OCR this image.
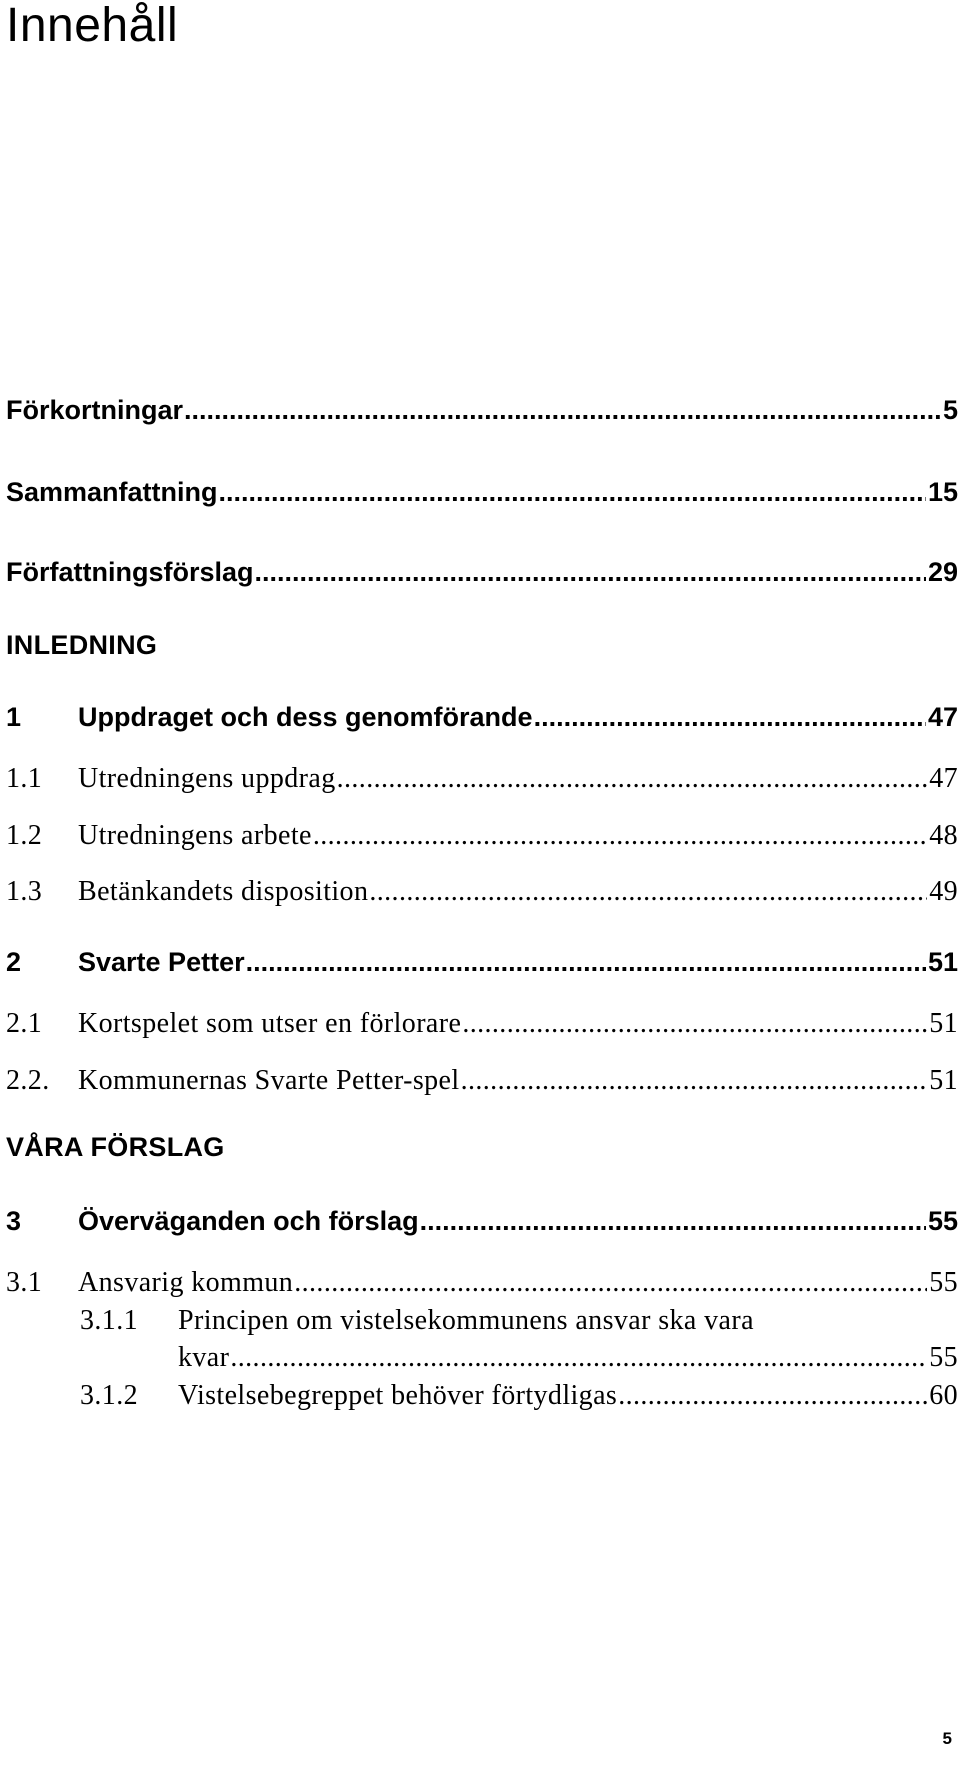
Innehåll
Förkortningar .....	5
Sammanfattning .....	15
Författningsförslag .....	29
INLEDNING
1	Uppdraget och dess genomförande .....	47
1.1	Utredningens uppdrag .....	47
1.2	Utredningens arbete .....	48
1.3	Betänkandets disposition .....	49
2	Svarte Petter .....	51
2.1	Kortspelet som utser en förlorare .....	51
2.2.	Kommunernas Svarte Petter-spel .....	51
VÅRA FÖRSLAG
3	Överväganden och förslag .....	55
3.1	Ansvarig kommun .....	55
3.1.1 Principen om vistelsekommunens ansvar ska vara
kvar .....	55
3.1.2	Vistelsebegreppet behöver förtydligas .....	60
5
